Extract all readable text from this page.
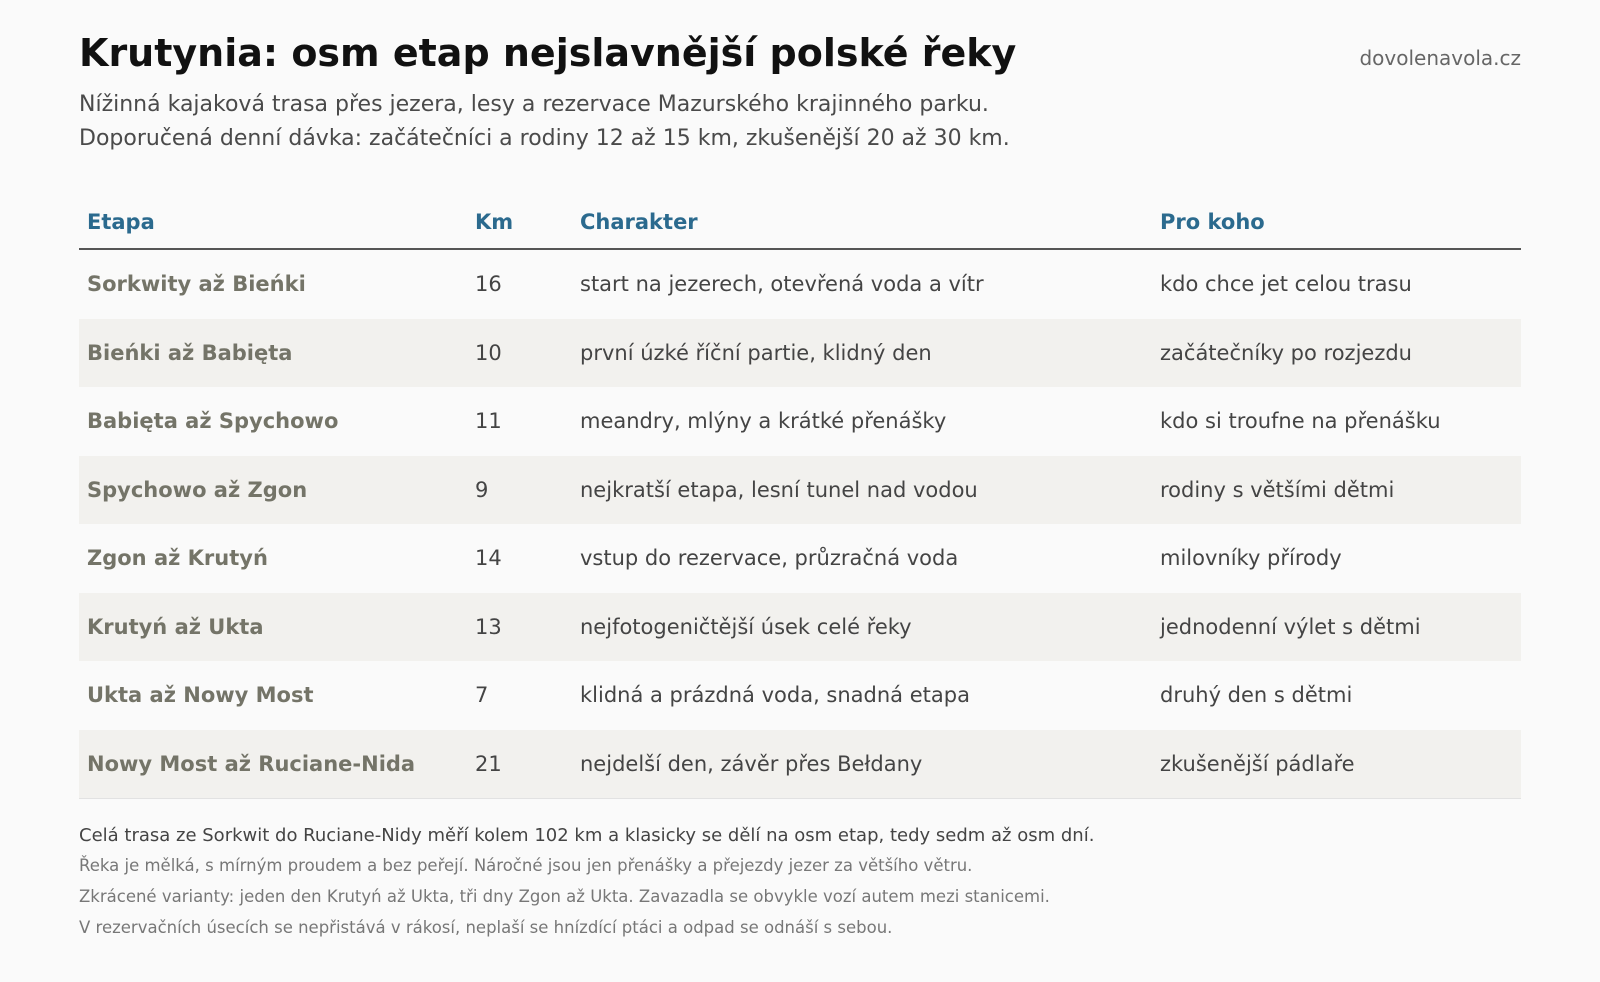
Krutynia: osm etap nejslavnější polské řeky	dovolenavola.cz
Nížinná kajaková trasa přes jezera, lesy a rezervace Mazurského krajinného parku.
Doporučená denní dávka: začátečníci a rodiny 12 až 15 km, zkušenější 20 až 30 km.
Etapa	Km	Charakter	Pro koho
Sorkwity až Bieńki	16	start na jezerech, otevřená voda a vítr	kdo chce jet celou trasu
Bieńki až Babięta	10	první úzké říční partie, klidný den	začátečníky po rozjezdu
Babięta až Spychowo	11	meandry, mlýny a krátké přenášky	kdo si troufne na přenášku
Spychowo až Zgon	9	nejkratší etapa, lesní tunel nad vodou	rodiny s většími dětmi
Zgon až Krutyń	14	vstup do rezervace, průzračná voda	milovníky přírody
Krutyń až Ukta	13	nejfotogeničtější úsek celé řeky	jednodenní výlet s dětmi
Ukta až Nowy Most	7	klidná a prázdná voda, snadná etapa	druhý den s dětmi
Nowy Most až Ruciane-Nida	21	nejdelší den, závěr přes Bełdany	zkušenější pádlaře
Celá trasa ze Sorkwit do Ruciane-Nidy měří kolem 102 km a klasicky se dělí na osm etap, tedy sedm až osm dní.
Řeka je mělká, s mírným proudem a bez peřejí. Náročné jsou jen přenášky a přejezdy jezer za většího větru.
Zkrácené varianty: jeden den Krutyń až Ukta, tři dny Zgon až Ukta. Zavazadla se obvykle vozí autem mezi stanicemi.
V rezervačních úsecích se nepřistává v rákosí, neplaší se hnízdící ptáci a odpad se odnáší s sebou.
